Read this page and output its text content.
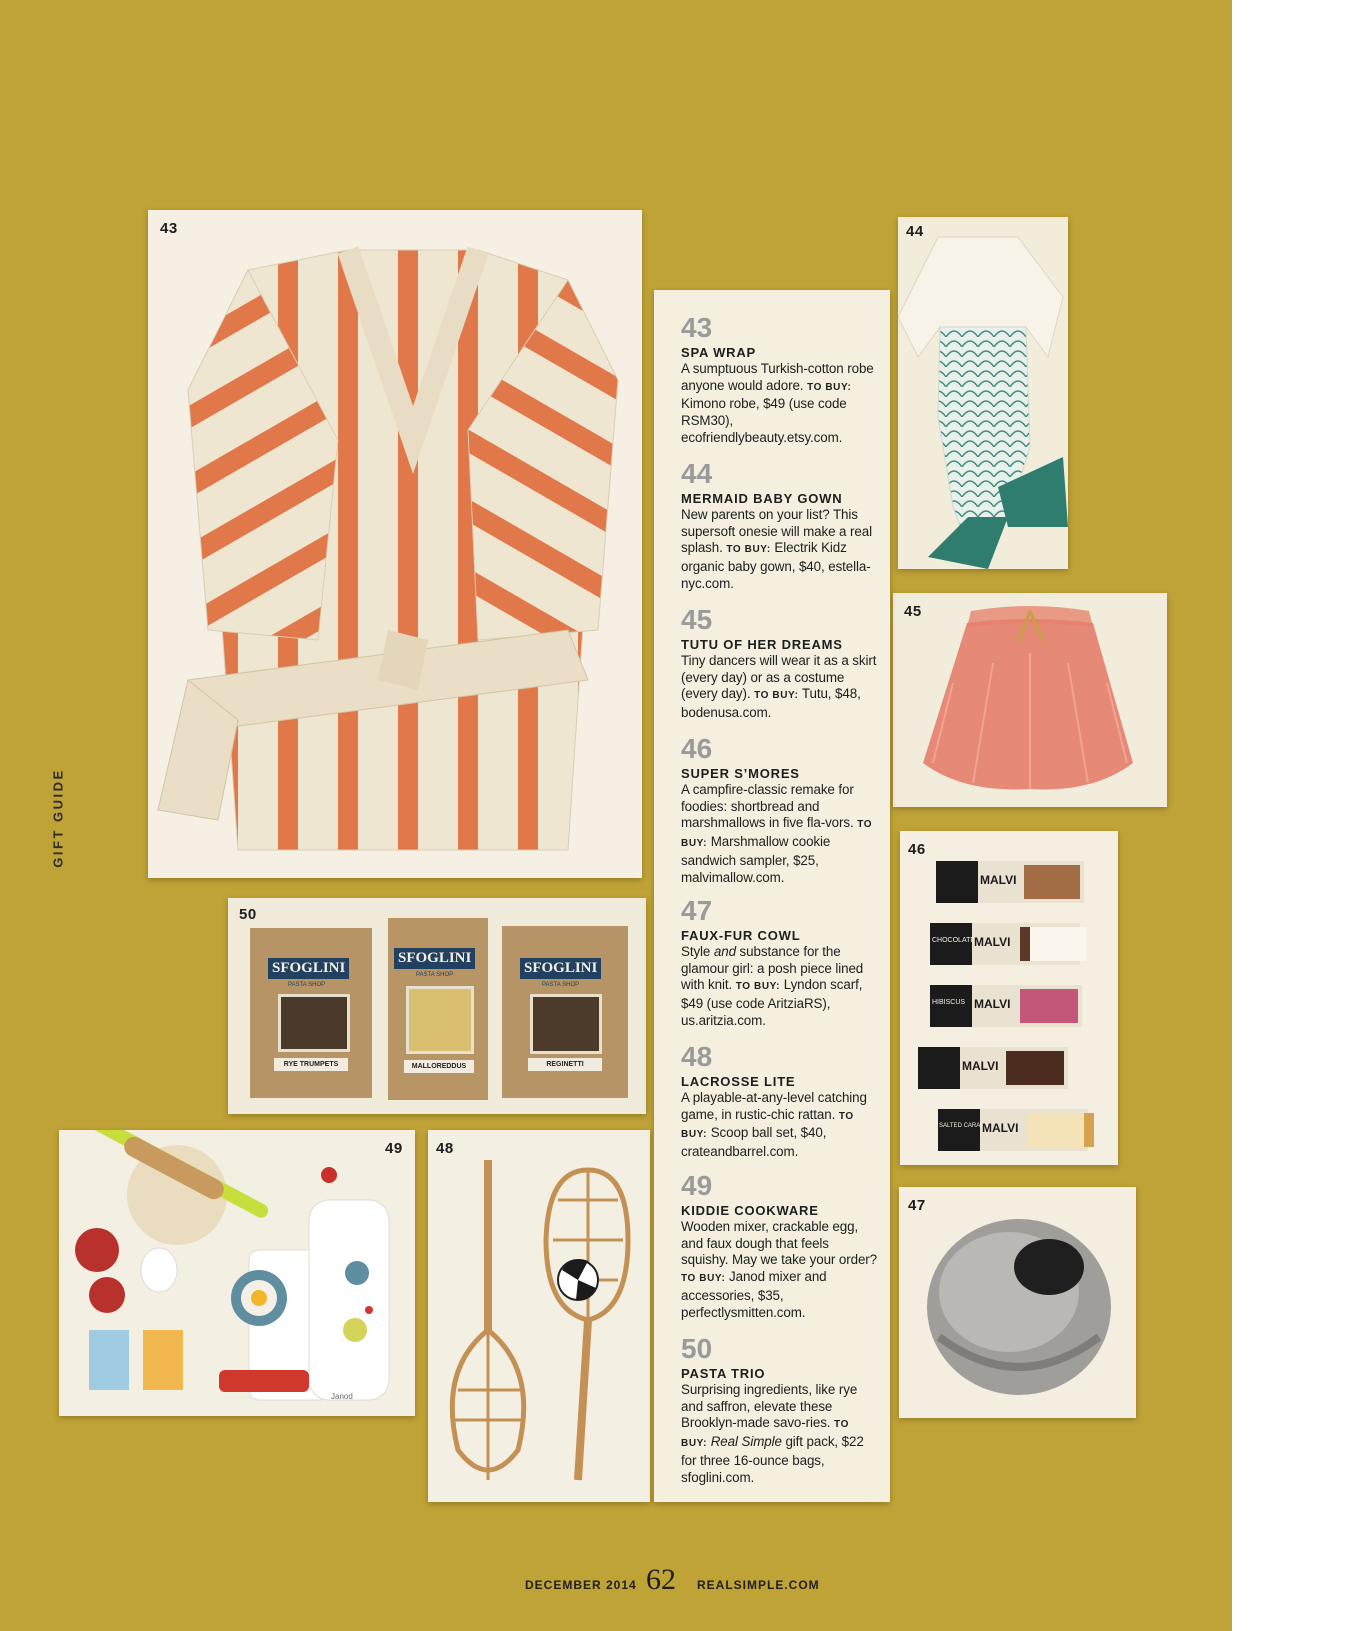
GIFT GUIDE
43	44
45
46
MALVI
CHOCOLATE
MALVI
HIBISCUS MALVI
MALVI
SALTED CARAMEL
MALVI
47
50
SFOGLINI
PASTA SHOP
RYE TRUMPETS
SFOGLINI
PASTA SHOP
MALLOREDDUS
SFOGLINI
PASTA SHOP
REGINETTI
49
Janod
48
43
SPA WRAP
A sumptuous Turkish-cotton robe anyone would adore. TO BUY: Kimono robe, $49 (use code RSM30), ecofriendlybeauty.etsy.com.
44
MERMAID BABY GOWN
New parents on your list? This supersoft onesie will make a real splash. TO BUY: Electrik Kidz organic baby gown, $40, estella-nyc.com.
45
TUTU OF HER DREAMS
Tiny dancers will wear it as a skirt (every day) or as a costume (every day). TO BUY: Tutu, $48, bodenusa.com.
46
SUPER S’MORES
A campfire-classic remake for foodies: shortbread and marshmallows in five fla-vors. TO BUY: Marshmallow cookie sandwich sampler, $25, malvimallow.com.
47
FAUX-FUR COWL
Style and substance for the glamour girl: a posh piece lined with knit. TO BUY: Lyndon scarf, $49 (use code AritziaRS), us.aritzia.com.
48
LACROSSE LITE
A playable-at-any-level catching game, in rustic-chic rattan. TO BUY: Scoop ball set, $40, crateandbarrel.com.
49
KIDDIE COOKWARE
Wooden mixer, crackable egg, and faux dough that feels squishy. May we take your order? TO BUY: Janod mixer and accessories, $35, perfectlysmitten.com.
50
PASTA TRIO
Surprising ingredients, like rye and saffron, elevate these Brooklyn-made savo-ries. TO BUY: Real Simple gift pack, $22 for three 16-ounce bags, sfoglini.com.
DECEMBER 2014 62 REALSIMPLE.COM
